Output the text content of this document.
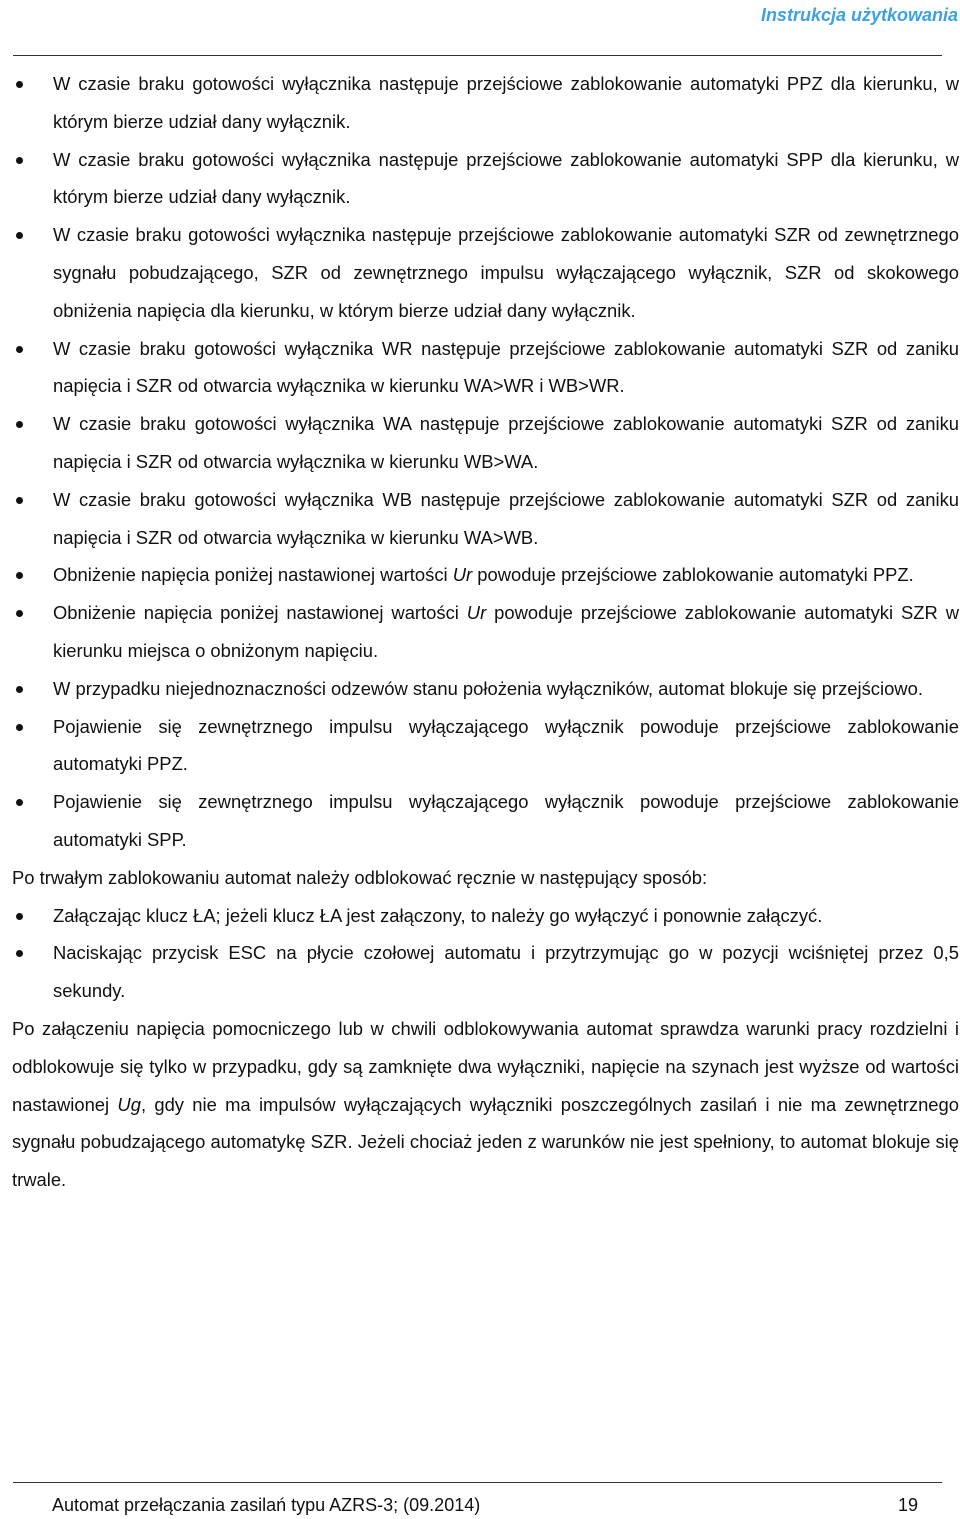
Instrukcja użytkowania
W czasie braku gotowości wyłącznika następuje przejściowe zablokowanie automatyki PPZ dla kierunku, w którym bierze udział dany wyłącznik.
W czasie braku gotowości wyłącznika następuje przejściowe zablokowanie automatyki SPP dla kierunku, w którym bierze udział dany wyłącznik.
W czasie braku gotowości wyłącznika następuje przejściowe zablokowanie automatyki SZR od zewnętrznego sygnału pobudzającego, SZR od zewnętrznego impulsu wyłączającego wyłącznik, SZR od skokowego obniżenia napięcia dla kierunku, w którym bierze udział dany wyłącznik.
W czasie braku gotowości wyłącznika WR następuje przejściowe zablokowanie automatyki SZR od zaniku napięcia i SZR od otwarcia wyłącznika w kierunku WA>WR i WB>WR.
W czasie braku gotowości wyłącznika WA następuje przejściowe zablokowanie automatyki SZR od zaniku napięcia i SZR od otwarcia wyłącznika w kierunku WB>WA.
W czasie braku gotowości wyłącznika WB następuje przejściowe zablokowanie automatyki SZR od zaniku napięcia i SZR od otwarcia wyłącznika w kierunku WA>WB.
Obniżenie napięcia poniżej nastawionej wartości Ur powoduje przejściowe zablokowanie automatyki PPZ.
Obniżenie napięcia poniżej nastawionej wartości Ur powoduje przejściowe zablokowanie automatyki SZR w kierunku miejsca o obniżonym napięciu.
W przypadku niejednoznaczności odzewów stanu położenia wyłączników, automat blokuje się przejściowo.
Pojawienie się zewnętrznego impulsu wyłączającego wyłącznik powoduje przejściowe zablokowanie automatyki PPZ.
Pojawienie się zewnętrznego impulsu wyłączającego wyłącznik powoduje przejściowe zablokowanie automatyki SPP.

Po trwałym zablokowaniu automat należy odblokować ręcznie w następujący sposób:

Załączając klucz ŁA; jeżeli klucz ŁA jest załączony, to należy go wyłączyć i ponownie załączyć.
Naciskając przycisk ESC na płycie czołowej automatu i przytrzymując go w pozycji wciśniętej przez 0,5 sekundy.

Po załączeniu napięcia pomocniczego lub w chwili odblokowywania automat sprawdza warunki pracy rozdzielni i odblokowuje się tylko w przypadku, gdy są zamknięte dwa wyłączniki, napięcie na szynach jest wyższe od wartości nastawionej Ug, gdy nie ma impulsów wyłączających wyłączniki poszczególnych zasilań i nie ma zewnętrznego sygnału pobudzającego automatykę SZR. Jeżeli chociaż jeden z warunków nie jest spełniony, to automat blokuje się trwale.

Automat przełączania zasilań typu AZRS-3; (09.2014)	19
